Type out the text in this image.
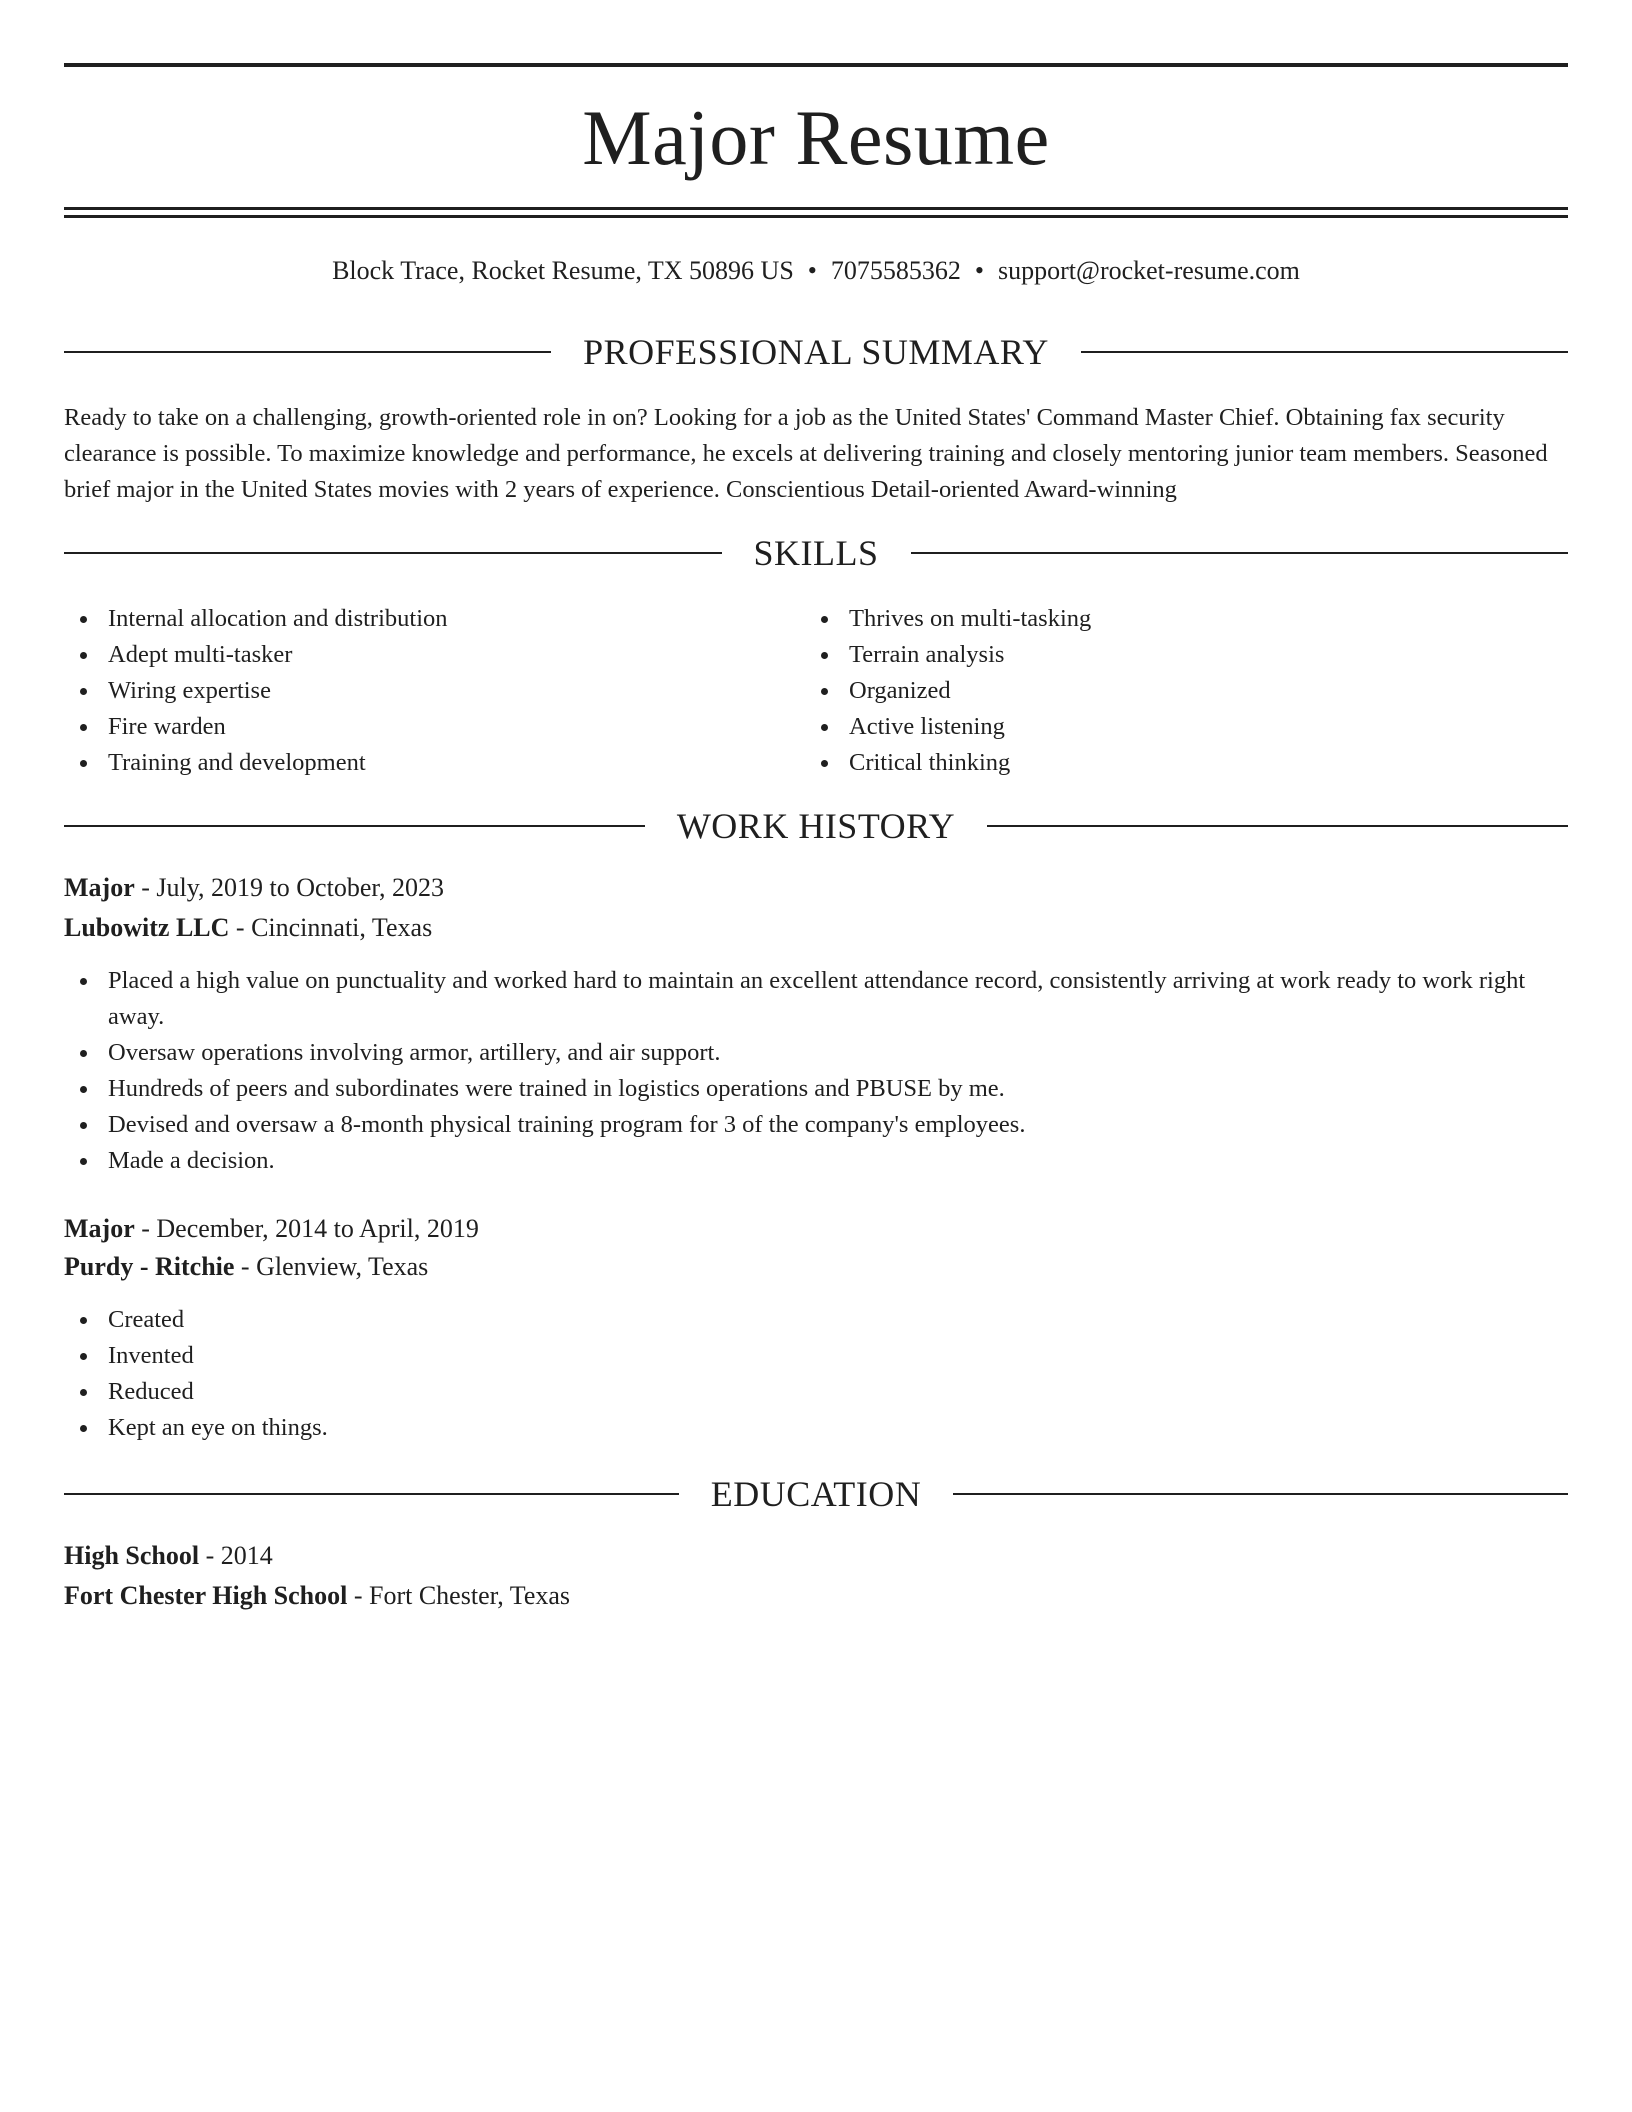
Major Resume
Block Trace, Rocket Resume, TX 50896 US • 7075585362 • support@rocket-resume.com
PROFESSIONAL SUMMARY

Ready to take on a challenging, growth-oriented role in on? Looking for a job as the United States' Command Master Chief. Obtaining fax security clearance is possible. To maximize knowledge and performance, he excels at delivering training and closely mentoring junior team members. Seasoned brief major in the United States movies with 2 years of experience. Conscientious Detail-oriented Award-winning

SKILLS
Internal allocation and distribution
Adept multi-tasker
Wiring expertise
Fire warden
Training and development
Thrives on multi-tasking
Terrain analysis
Organized
Active listening
Critical thinking
WORK HISTORY
Major - July, 2019 to October, 2023
Lubowitz LLC - Cincinnati, Texas
Placed a high value on punctuality and worked hard to maintain an excellent attendance record, consistently arriving at work ready to work right away.
Oversaw operations involving armor, artillery, and air support.
Hundreds of peers and subordinates were trained in logistics operations and PBUSE by me.
Devised and oversaw a 8-month physical training program for 3 of the company's employees.
Made a decision.
Major - December, 2014 to April, 2019
Purdy - Ritchie - Glenview, Texas
Created
Invented
Reduced
Kept an eye on things.
EDUCATION
High School - 2014
Fort Chester High School - Fort Chester, Texas
